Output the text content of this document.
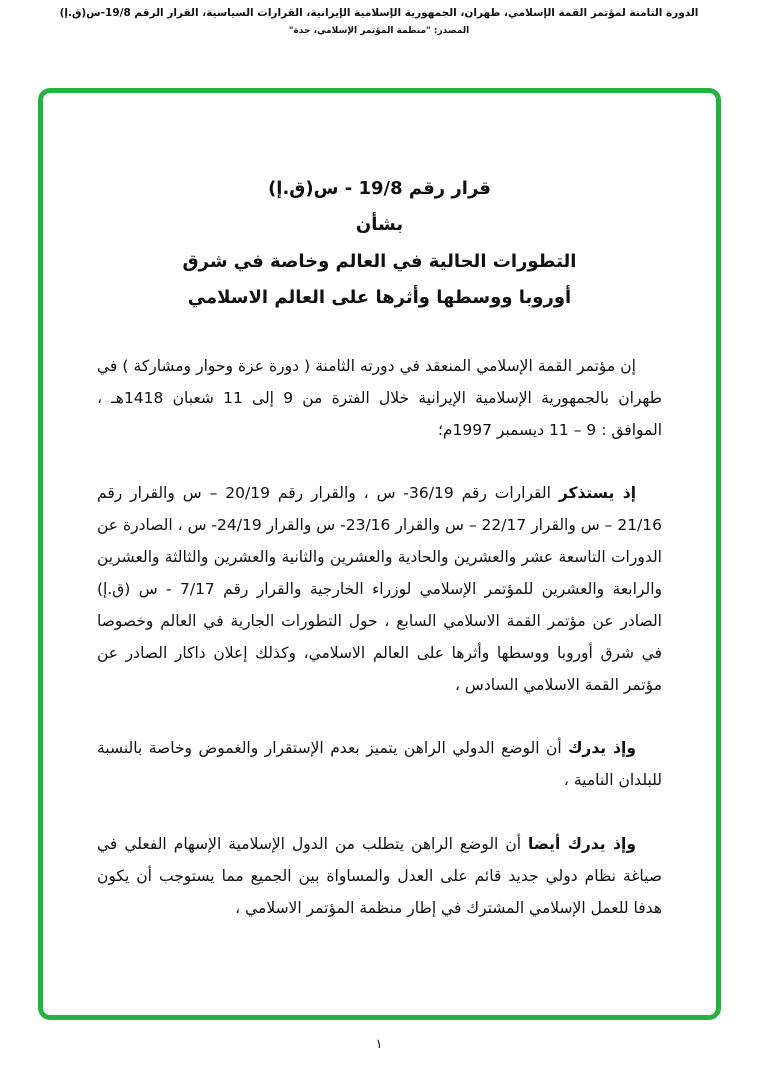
الدورة الثامنة لمؤتمر القمة الإسلامي، طهران، الجمهورية الإسلامية الإيرانية، القرارات السياسية، القرار الرقم 19/8-س(ق.إ)
المصدر: "منظمة المؤتمر الإسلامي، جدة"
قرار رقم 19/8 - س(ق.إ)
بشأن
التطورات الحالية في العالم وخاصة في شرق
أوروبا ووسطها وأثرها على العالم الاسلامي

إن مؤتمر القمة الإسلامي المنعقد في دورته الثامنة ( دورة عزة وحوار ومشاركة ) في طهران بالجمهورية الإسلامية الإيرانية خلال الفترة من 9 إلى 11 شعبان 1418هـ ، الموافق : 9 – 11 ديسمبر 1997م؛

إذ يستذكر القرارات رقم 36/19- س ، والقرار رقم 20/19 – س والقرار رقم 21/16 – س والقرار 22/17 – س والقرار 23/16- س والقرار 24/19- س ، الصادرة عن الدورات التاسعة عشر والعشرين والحادية والعشرين والثانية والعشرين والثالثة والعشرين والرابعة والعشرين للمؤتمر الإسلامي لوزراء الخارجية والقرار رقم 7/17 - س (ق.إ) الصادر عن مؤتمر القمة الاسلامي السابع ، حول التطورات الجارية في العالم وخصوصا في شرق أوروبا ووسطها وأثرها على العالم الاسلامي، وكذلك إعلان داكار الصادر عن مؤتمر القمة الاسلامي السادس ،

وإذ يدرك أن الوضع الدولي الراهن يتميز بعدم الإستقرار والغموض وخاصة بالنسبة للبلدان النامية ،

وإذ يدرك أيضا أن الوضع الراهن يتطلب من الدول الإسلامية الإسهام الفعلي في صياغة نظام دولي جديد قائم على العدل والمساواة بين الجميع مما يستوجب أن يكون هدفا للعمل الإسلامي المشترك في إطار منظمة المؤتمر الاسلامي ،

١
